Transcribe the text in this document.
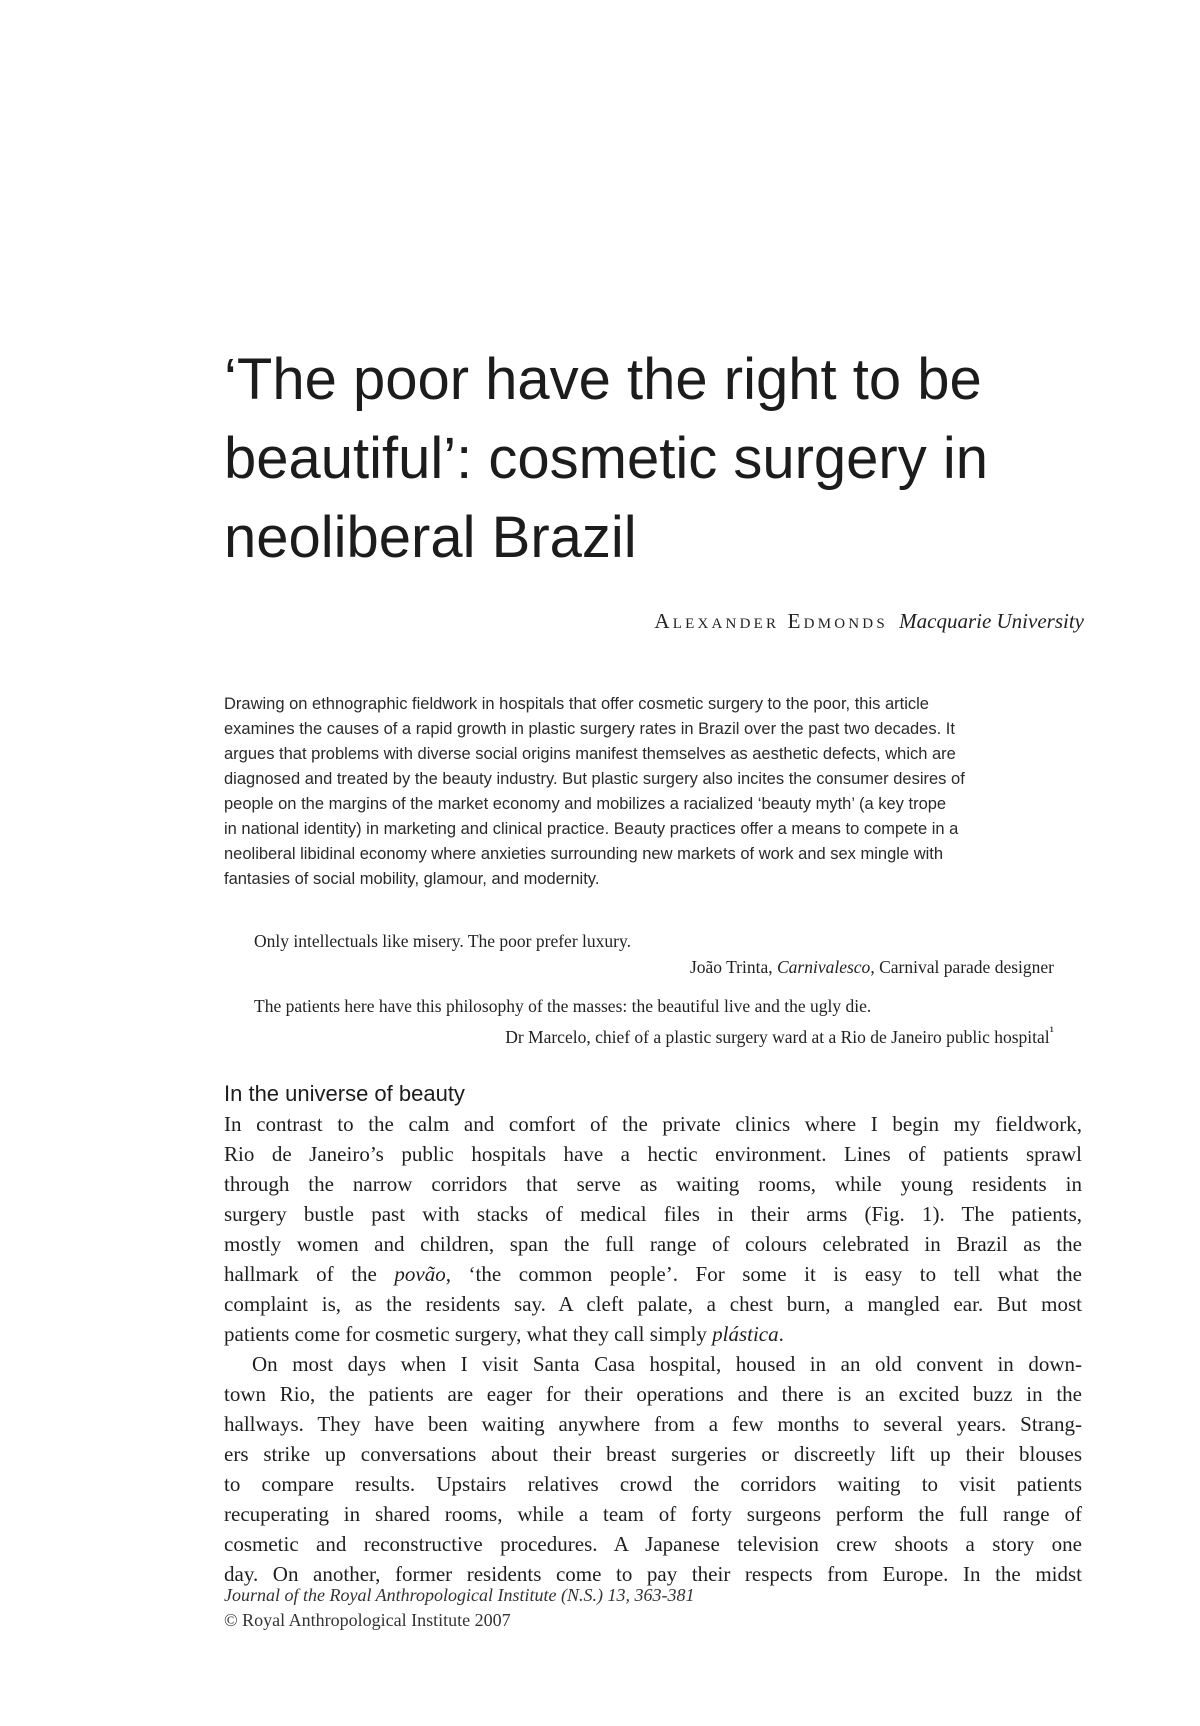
‘The poor have the right to be
beautiful’: cosmetic surgery in
neoliberal Brazil
Alexander Edmonds Macquarie University
Drawing on ethnographic fieldwork in hospitals that offer cosmetic surgery to the poor, this article
examines the causes of a rapid growth in plastic surgery rates in Brazil over the past two decades. It
argues that problems with diverse social origins manifest themselves as aesthetic defects, which are
diagnosed and treated by the beauty industry. But plastic surgery also incites the consumer desires of
people on the margins of the market economy and mobilizes a racialized ‘beauty myth’ (a key trope
in national identity) in marketing and clinical practice. Beauty practices offer a means to compete in a
neoliberal libidinal economy where anxieties surrounding new markets of work and sex mingle with
fantasies of social mobility, glamour, and modernity.
Only intellectuals like misery. The poor prefer luxury.
João Trinta, Carnivalesco, Carnival parade designer
The patients here have this philosophy of the masses: the beautiful live and the ugly die.
Dr Marcelo, chief of a plastic surgery ward at a Rio de Janeiro public hospital$^{^1}$
In the universe of beauty
In contrast to the calm and comfort of the private clinics where I begin my fieldwork,
Rio de Janeiro’s public hospitals have a hectic environment. Lines of patients sprawl
through the narrow corridors that serve as waiting rooms, while young residents in
surgery bustle past with stacks of medical files in their arms (Fig. 1). The patients,
mostly women and children, span the full range of colours celebrated in Brazil as the
hallmark of the povão, ‘the common people’. For some it is easy to tell what the
complaint is, as the residents say. A cleft palate, a chest burn, a mangled ear. But most
patients come for cosmetic surgery, what they call simply plástica.
On most days when I visit Santa Casa hospital, housed in an old convent in down-
town Rio, the patients are eager for their operations and there is an excited buzz in the
hallways. They have been waiting anywhere from a few months to several years. Strang-
ers strike up conversations about their breast surgeries or discreetly lift up their blouses
to compare results. Upstairs relatives crowd the corridors waiting to visit patients
recuperating in shared rooms, while a team of forty surgeons perform the full range of
cosmetic and reconstructive procedures. A Japanese television crew shoots a story one
day. On another, former residents come to pay their respects from Europe. In the midst
Journal of the Royal Anthropological Institute (N.S.) 13, 363-381
© Royal Anthropological Institute 2007
